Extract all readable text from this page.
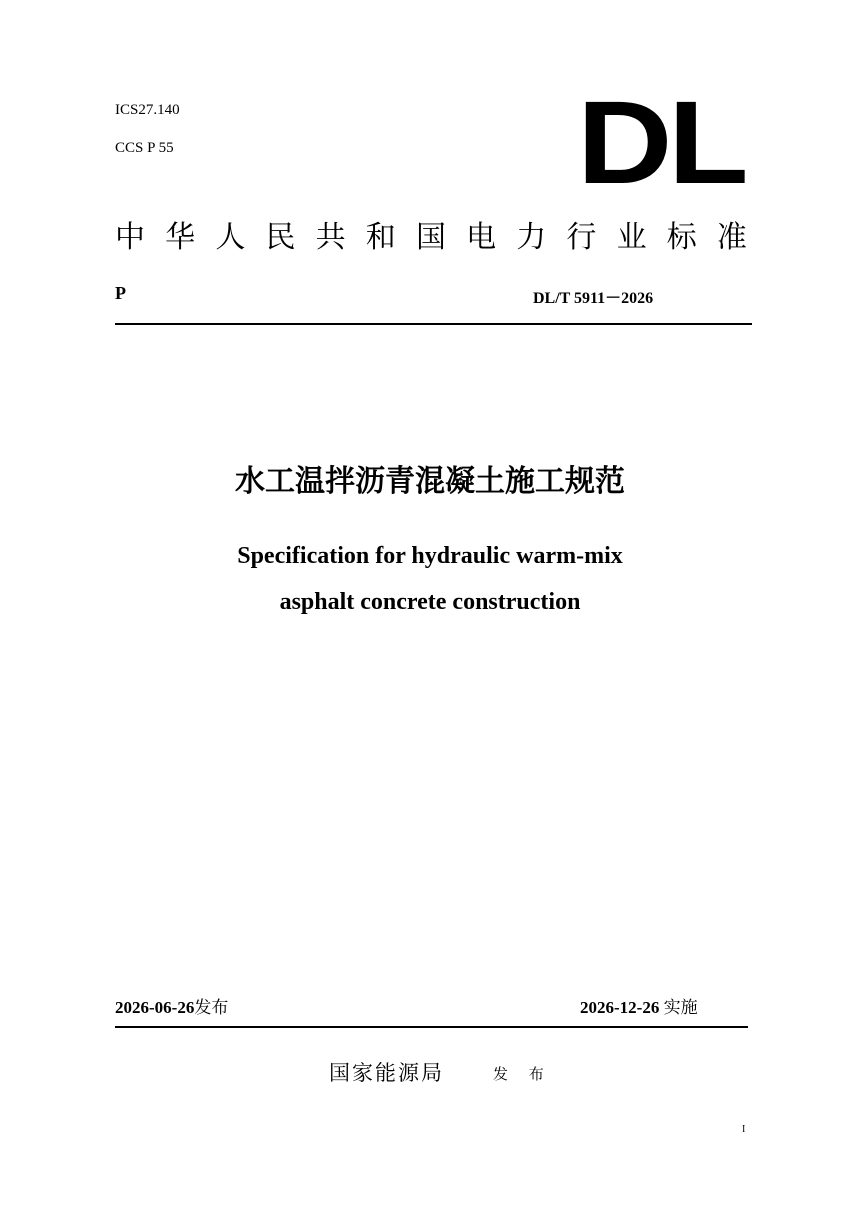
ICS27.140
CCS P 55	DL
中 华 人 民 共 和 国 电 力 行 业 标 准
P	DL/T 5911－2026
水工温拌沥青混凝土施工规范
Specification for hydraulic warm-mix
asphalt concrete construction
2026-06-26发布	2026-12-26 实施
国家能源局	发 布
I
